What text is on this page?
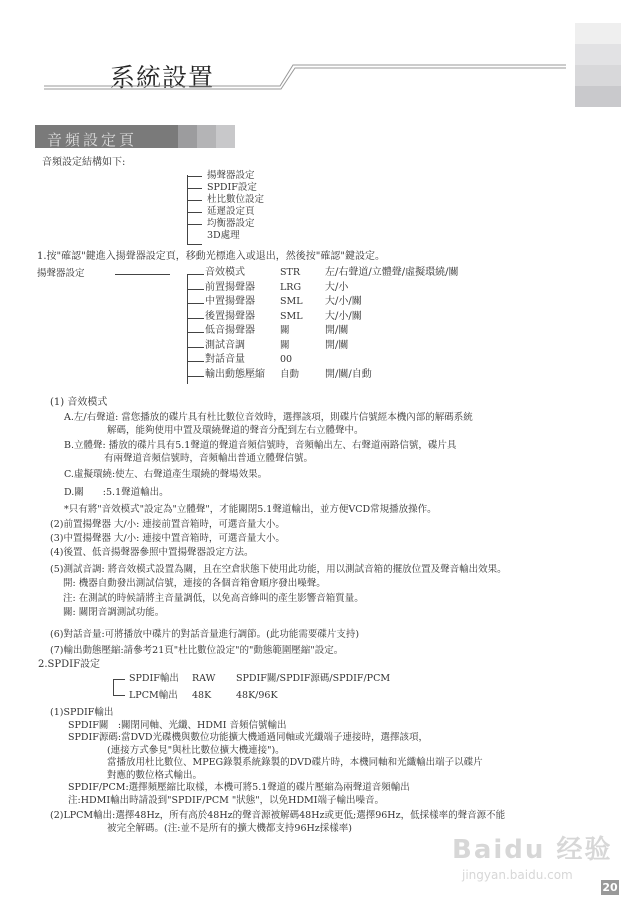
系統設置
音頻設定頁
音頻設定結構如下:
揚聲器設定
SPDIF設定
杜比數位設定
延遲設定頁
均衡器設定
3D處理
1.按"確認"鍵進入揚聲器設定頁，移動光標進入或退出，然後按"確認"鍵設定。
揚聲器設定	音效模式	STR	左/右聲道/立體聲/虛擬環繞/關
前置揚聲器	LRG 大/小
中置揚聲器	SML 大/小/關
後置揚聲器	SML 大/小/關
低音揚聲器	關	開/關
測試音調	關	開/關
對話音量	00
輸出動態壓縮 自動	開/關/自動
(1) 音效模式
A.左/右聲道: 當您播放的碟片具有杜比數位音效時，選擇該項，則碟片信號經本機內部的解碼系統
解碼，能夠使用中置及環繞聲道的聲音分配到左右立體聲中。
B.立體聲: 播放的碟片具有5.1聲道的聲道音頻信號時，音頻輸出左、右聲道兩路信號，碟片具
有兩聲道音頻信號時，音頻輸出普通立體聲信號。
C.虛擬環繞:使左、右聲道產生環繞的聲場效果。
D.關　　:5.1聲道輸出。
*只有將"音效模式"設定為"立體聲"，才能關閉5.1聲道輸出，並方便VCD常規播放操作。
(2)前置揚聲器 大/小: 連接前置音箱時，可選音量大小。
(3)中置揚聲器 大/小: 連接中置音箱時，可選音量大小。
(4)後置、低音揚聲器參照中置揚聲器設定方法。
(5)測試音調: 將音效模式設置為關，且在空倉狀態下使用此功能，用以測試音箱的擺放位置及聲音輸出效果。
開: 機器自動發出測試信號，連接的各個音箱會順序發出噪聲。
注: 在測試的時候請將主音量調低，以免高音蜂叫的產生影響音箱質量。
關: 關閉音調測試功能。
(6)對話音量:可將播放中碟片的對話音量進行調節。(此功能需要碟片支持)
(7)輸出動態壓縮:請參考21頁"杜比數位設定"的"動態範圍壓縮"設定。
2.SPDIF設定
SPDIF輸出 RAW SPDIF關/SPDIF源碼/SPDIF/PCM
LPCM輸出 48K	48K/96K
(1)SPDIF輸出
SPDIF關　:關閉同軸、光纖、HDMI 音頻信號輸出
SPDIF源碼:當DVD光碟機與數位功能擴大機通過同軸或光纖端子連接時，選擇該項，
(連接方式參見"與杜比數位擴大機連接")。
當播放用杜比數位、MPEG錄製系統錄製的DVD碟片時，本機同軸和光纖輸出端子以碟片
對應的數位格式輸出。
SPDIF/PCM:選擇頻壓縮比取樣，本機可將5.1聲道的碟片壓縮為兩聲道音頻輸出
注:HDMI輸出時請設到"SPDIF/PCM "狀態"，以免HDMI端子輸出噪音。
(2)LPCM輸出:選擇48Hz，所有高於48Hz的聲音源被解碼48Hz或更低;選擇96Hz，低採樣率的聲音源不能
被完全解碼。(注:並不是所有的擴大機都支持96Hz採樣率)
Baidu 经验
jingyan.baidu.com
20
